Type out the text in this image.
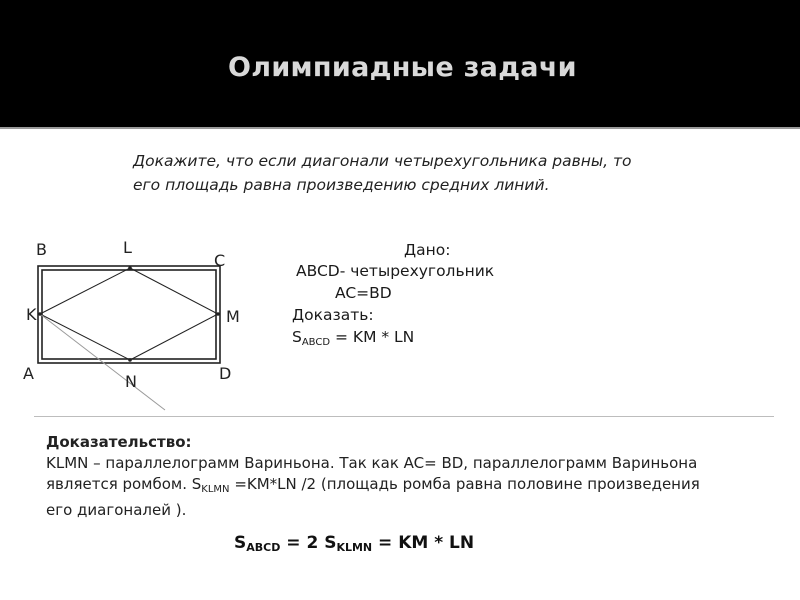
Олимпиадные задачи
Докажите, что если диагонали четырехугольника равны, то
его площадь равна произведению средних линий.
B	L
C
K	M
A	N	D
Дано:
ABCD- четырехугольник
AC=BD
Доказать:
$S_{ABCD}$ = KM * LN
Доказательство:
KLMN – параллелограмм Вариньона. Так как AC= BD, параллелограмм Вариньона
является ромбом. $S_{KLMN} =KM*LN$ /2 (площадь ромба равна половине произведения
его диагоналей ).
$S_{ABCD} = 2$ $S_{KLMN}$ = KM * LN
